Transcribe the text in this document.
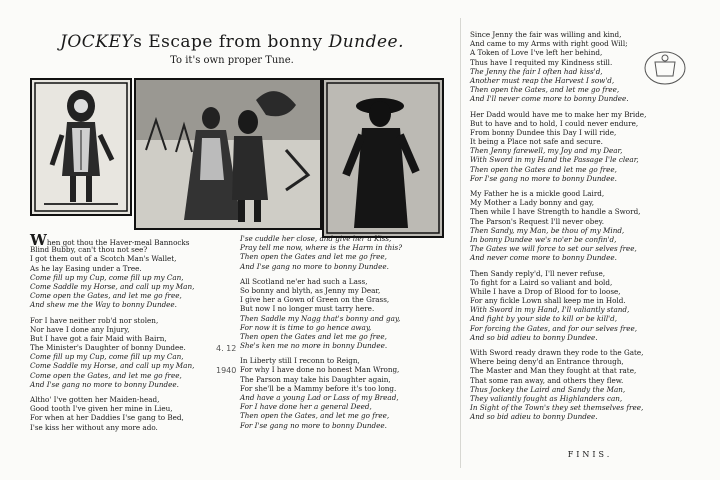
JOCKEYs Escape from bonny Dundee.
To it's own proper Tune.
When got thou the Haver-meal Bannocks
Blind Bubby, can't thou not see?
I got them out of a Scotch Man's Wallet,
As he lay Easing under a Tree.
Come fill up my Cup, come fill up my Can,
Come Saddle my Horse, and call up my Man,
Come open the Gates, and let me go free,
And shew me the Way to bonny Dundee.
For I have neither rob'd nor stolen,
Nor have I done any Injury,
But I have got a fair Maid with Bairn,
The Minister's Daughter of bonny Dundee.
Come fill up my Cup, come fill up my Can,
Come Saddle my Horse, and call up my Man,
Come open the Gates, and let me go free,
And I'se gang no more to bonny Dundee.
Altho' I've gotten her Maiden-head,
Good tooth I've given her mine in Lieu,
For when at her Daddies I'se gang to Bed,
I'se kiss her without any more ado.
I'se cuddle her close, and give her a Kiss,
Pray tell me now, where is the Harm in this?
Then open the Gates and let me go free,
And I'se gang no more to bonny Dundee.
All Scotland ne'er had such a Lass,
So bonny and blyth, as Jenny my Dear,
I give her a Gown of Green on the Grass,
But now I no longer must tarry here.
Then Saddle my Nagg that's bonny and gay,
For now it is time to go hence away,
Then open the Gates and let me go free,
She's ken me no more in bonny Dundee.
In Liberty still I reconn to Reign,
For why I have done no honest Man Wrong,
The Parson may take his Daughter again,
For she'll be a Mammy before it's too long.
And have a young Lad or Lass of my Bread,
For I have done her a general Deed,
Then open the Gates, and let me go free,
For I'se gang no more to bonny Dundee.
4. 12
1940
Since Jenny the fair was willing and kind,
And came to my Arms with right good Will;
A Token of Love I've left her behind,
Thus have I requited my Kindness still.
The Jenny the fair I often had kiss'd,
Another must reap the Harvest I sow'd,
Then open the Gates, and let me go free,
And I'll never come more to bonny Dundee.
Her Dadd would have me to make her my Bride,
But to have and to hold, I could never endure,
From bonny Dundee this Day I will ride,
It being a Place not safe and secure.
Then Jenny farewell, my Joy and my Dear,
With Sword in my Hand the Passage I'le clear,
Then open the Gates and let me go free,
For I'se gang no more to bonny Dundee.
My Father he is a mickle good Laird,
My Mother a Lady bonny and gay,
Then while I have Strength to handle a Sword,
The Parson's Request I'll never obey.
Then Sandy, my Man, be thou of my Mind,
In bonny Dundee we's no'er be confin'd,
The Gates we will force to set our selves free,
And never come more to bonny Dundee.
Then Sandy reply'd, I'll never refuse,
To fight for a Laird so valiant and bold,
While I have a Drop of Blood for to loose,
For any fickle Lown shall keep me in Hold.
With Sword in my Hand, I'll valiantly stand,
And fight by your side to kill or be kill'd,
For forcing the Gates, and for our selves free,
And so bid adieu to bonny Dundee.
With Sword ready drawn they rode to the Gate,
Where being deny'd an Entrance through,
The Master and Man they fought at that rate,
That some ran away, and others they flew.
Thus Jockey the Laird and Sandy the Man,
They valiantly fought as Highlanders can,
In Sight of the Town's they set themselves free,
And so bid adieu to bonny Dundee.
FINIS.
